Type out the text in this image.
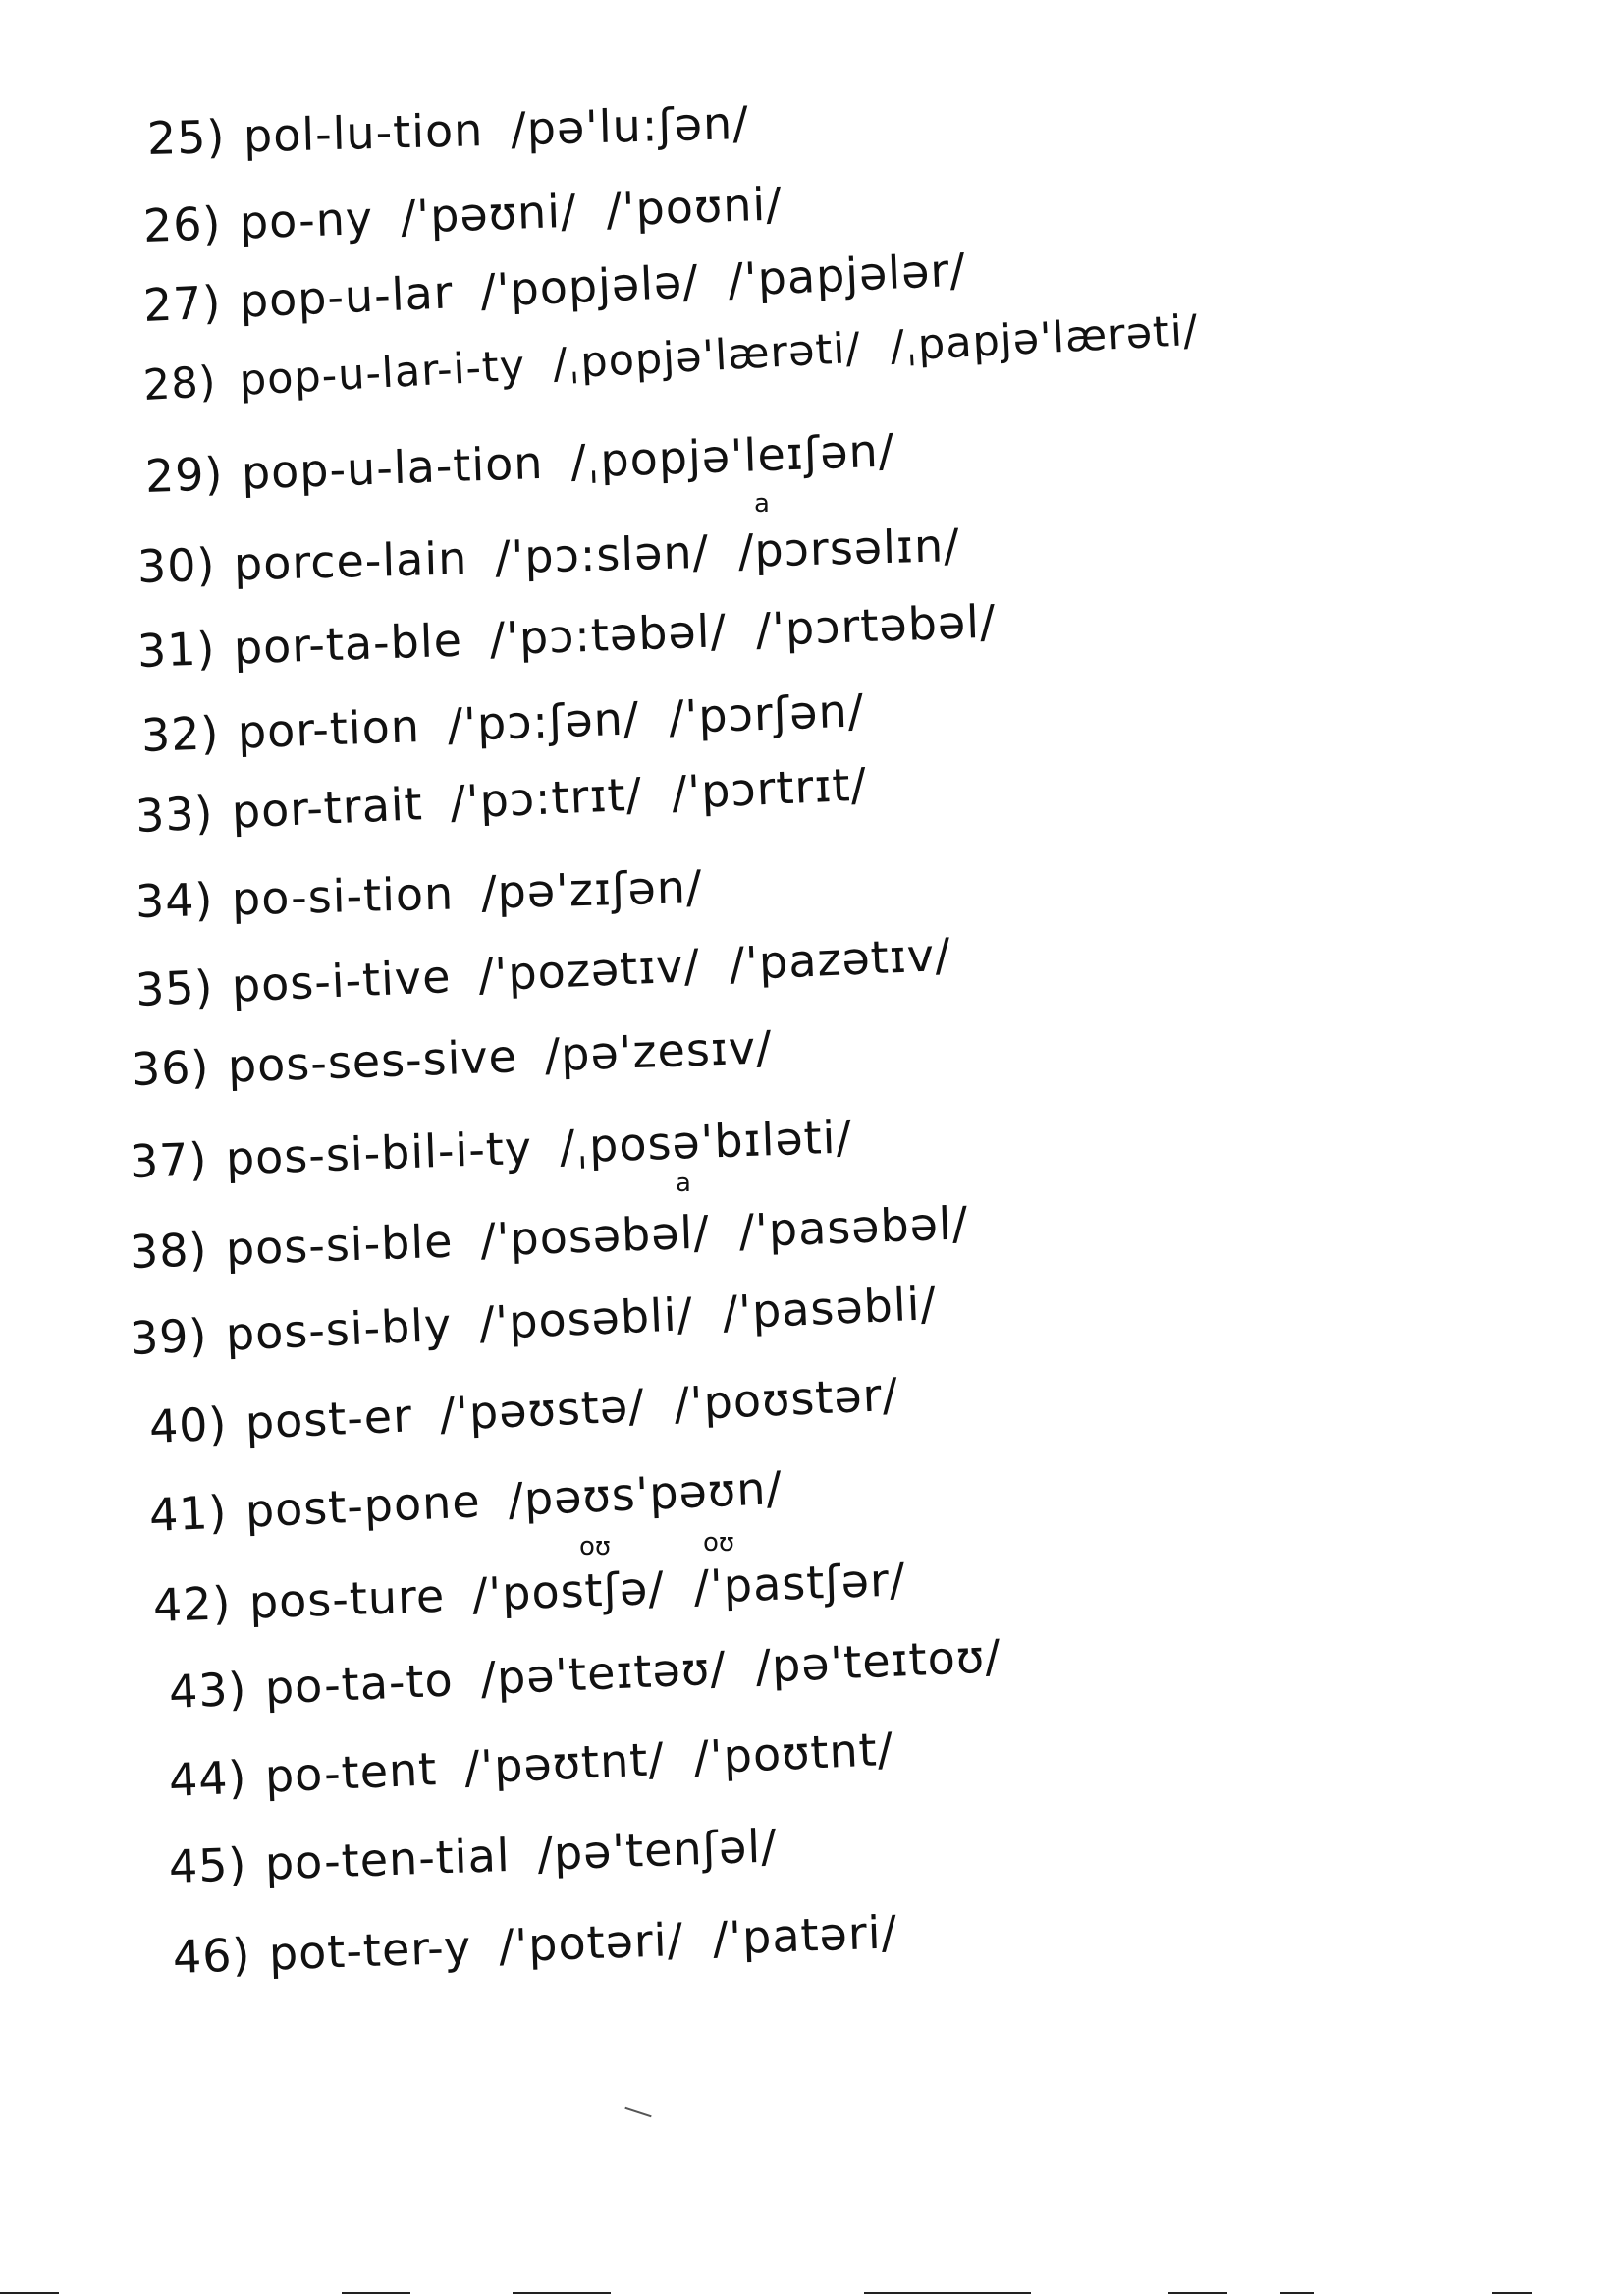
25) pol-lu-tion /pə'lu:ʃən/
26) po-ny /'pəʊni/ /'poʊni/
27) pop-u-lar /'popjələ/ /'papjələr/
28) pop-u-lar-i-ty /ˌpopjə'lærəti/ /ˌpapjə'lærəti/
29) pop-u-la-tion /ˌpopjə'leɪʃən/
a
30) porce-lain /'pɔ:slən/ /pɔrsəlɪn/
31) por-ta-ble /'pɔ:təbəl/ /'pɔrtəbəl/
32) por-tion /'pɔ:ʃən/ /'pɔrʃən/
33) por-trait /'pɔ:trɪt/ /'pɔrtrɪt/
34) po-si-tion /pə'zɪʃən/
35) pos-i-tive /'pozətɪv/ /'pazətɪv/
36) pos-ses-sive /pə'zesɪv/
37) pos-si-bil-i-ty /ˌposə'bɪləti/
a
38) pos-si-ble /'posəbəl/ /'pasəbəl/
39) pos-si-bly /'posəbli/ /'pasəbli/
40) post-er /'pəʊstə/ /'poʊstər/
41) post-pone /pəʊs'pəʊn/
oʊ	oʊ
42) pos-ture /'postʃə/ /'pastʃər/
43) po-ta-to /pə'teɪtəʊ/ /pə'teɪtoʊ/
44) po-tent /'pəʊtnt/ /'poʊtnt/
45) po-ten-tial /pə'tenʃəl/
46) pot-ter-y /'potəri/ /'patəri/
